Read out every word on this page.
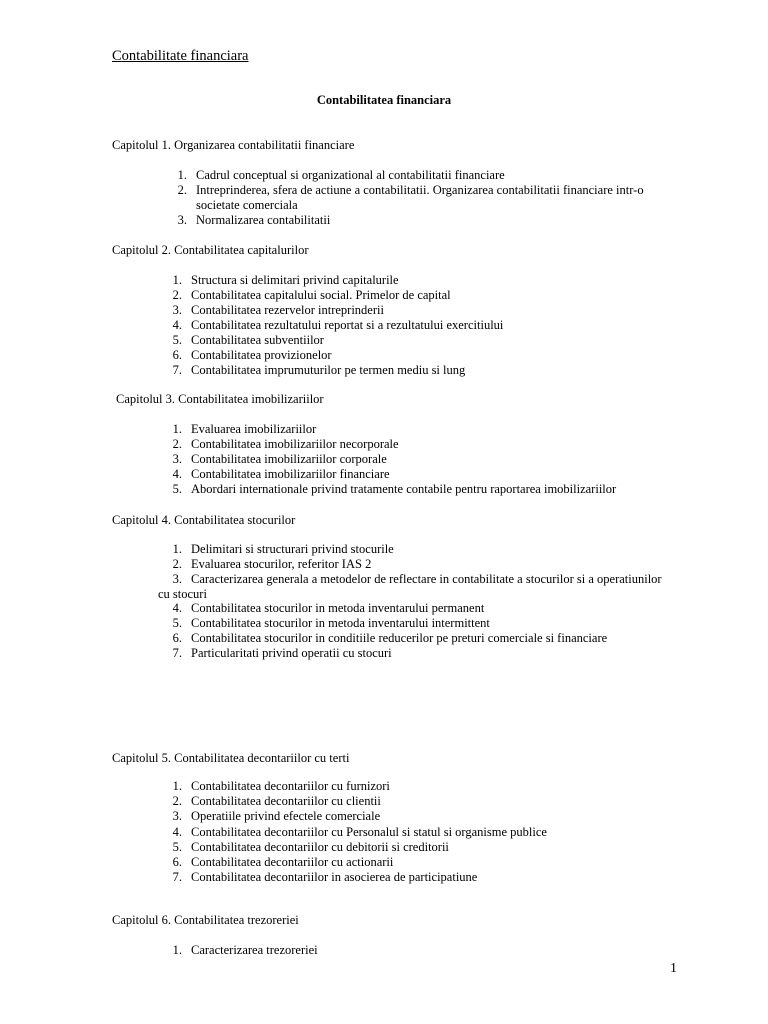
Contabilitate financiara
Contabilitatea financiara
Capitolul 1. Organizarea contabilitatii financiare
1. Cadrul conceptual si organizational al contabilitatii financiare
2. Intreprinderea, sfera de actiune a contabilitatii. Organizarea contabilitatii financiare intr-o
societate comerciala
3. Normalizarea contabilitatii
Capitolul 2. Contabilitatea capitalurilor
1. Structura si delimitari privind capitalurile
2. Contabilitatea capitalului social. Primelor de capital
3. Contabilitatea rezervelor intreprinderii
4. Contabilitatea rezultatului reportat si a rezultatului exercitiului
5. Contabilitatea subventiilor
6. Contabilitatea provizionelor
7. Contabilitatea imprumuturilor pe termen mediu si lung
Capitolul 3. Contabilitatea imobilizariilor
1. Evaluarea imobilizariilor
2. Contabilitatea imobilizariilor necorporale
3. Contabilitatea imobilizariilor corporale
4. Contabilitatea imobilizariilor financiare
5. Abordari internationale privind tratamente contabile pentru raportarea imobilizariilor
Capitolul 4. Contabilitatea stocurilor
1. Delimitari si structurari privind stocurile
2. Evaluarea stocurilor, referitor IAS 2
3. Caracterizarea generala a metodelor de reflectare in contabilitate a stocurilor si a operatiunilor
cu stocuri
4. Contabilitatea stocurilor in metoda inventarului permanent
5. Contabilitatea stocurilor in metoda inventarului intermittent
6. Contabilitatea stocurilor in conditiile reducerilor pe preturi comerciale si financiare
7. Particularitati privind operatii cu stocuri
Capitolul 5. Contabilitatea decontariilor cu terti
1. Contabilitatea decontariilor cu furnizori
2. Contabilitatea decontariilor cu clientii
3. Operatiile privind efectele comerciale
4. Contabilitatea decontariilor cu Personalul si statul si organisme publice
5. Contabilitatea decontariilor cu debitorii si creditorii
6. Contabilitatea decontariilor cu actionarii
7. Contabilitatea decontariilor in asocierea de participatiune
Capitolul 6. Contabilitatea trezoreriei
1. Caracterizarea trezoreriei
1
